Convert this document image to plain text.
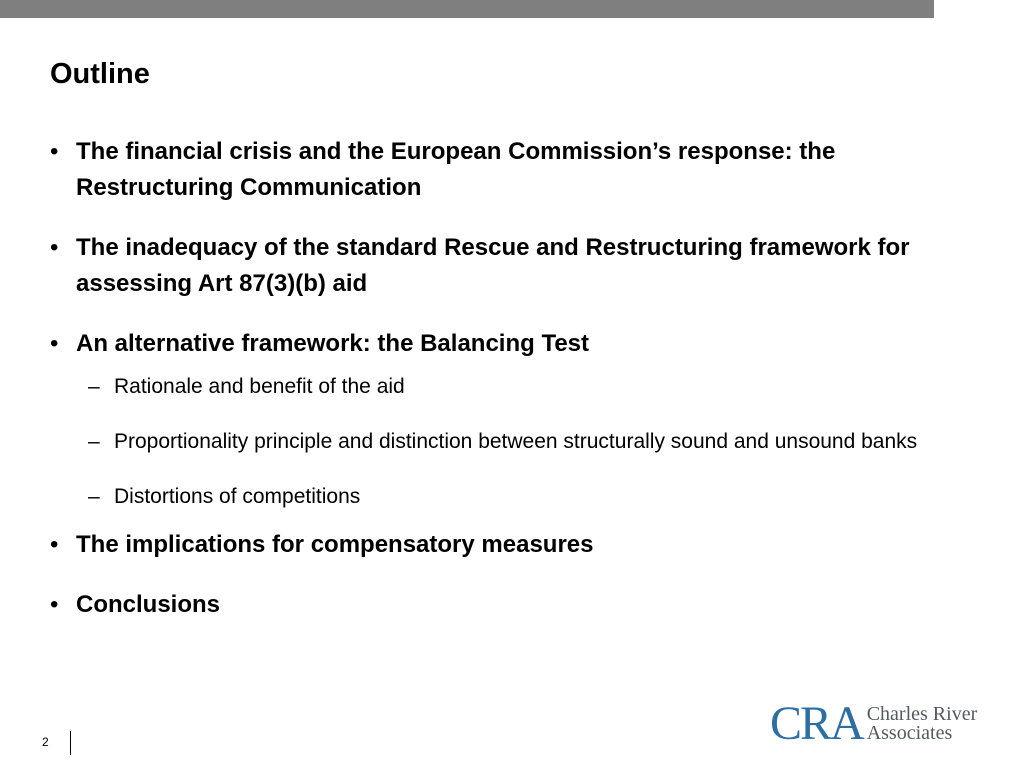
Outline
• The financial crisis and the European Commission’s response: the Restructuring Communication
• The inadequacy of the standard Rescue and Restructuring framework for assessing Art 87(3)(b) aid
• An alternative framework: the Balancing Test
– Rationale and benefit of the aid
– Proportionality principle and distinction between structurally sound and unsound banks
– Distortions of competitions
• The implications for compensatory measures
• Conclusions
2	CRA Charles River
Associates
